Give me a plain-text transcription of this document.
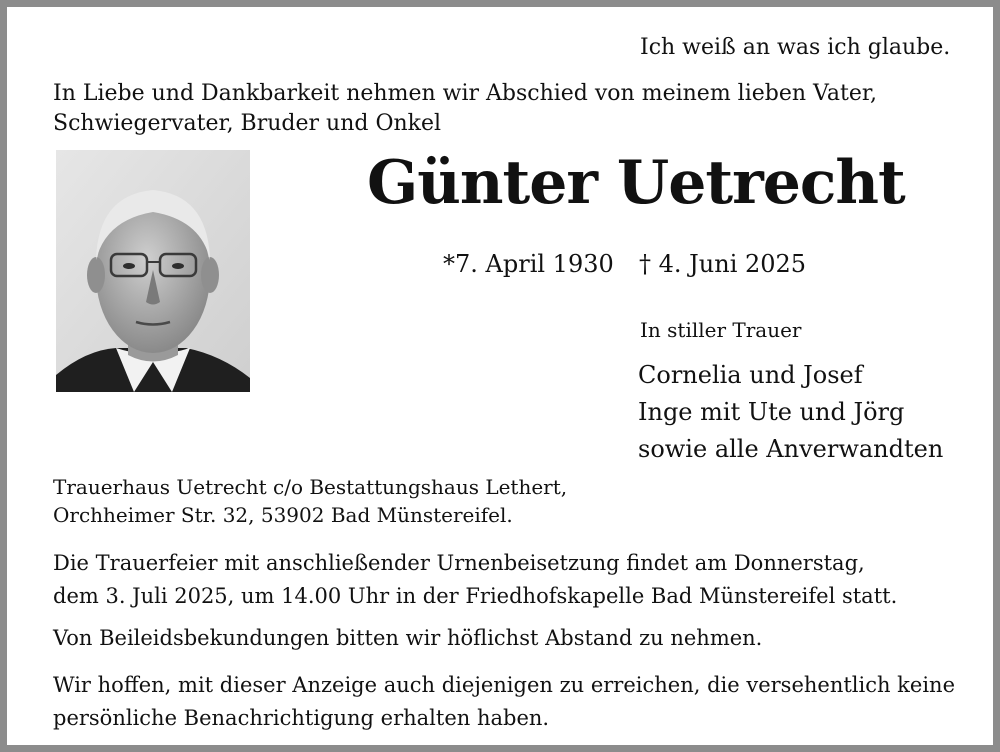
Ich weiß an was ich glaube.
In Liebe und Dankbarkeit nehmen wir Abschied von meinem lieben Vater,
Schwiegervater, Bruder und Onkel
Günter Uetrecht
*7. April 1930 † 4. Juni 2025
In stiller Trauer
Cornelia und Josef
Inge mit Ute und Jörg
sowie alle Anverwandten
Trauerhaus Uetrecht c/o Bestattungshaus Lethert,
Orchheimer Str. 32, 53902 Bad Münstereifel.
Die Trauerfeier mit anschließender Urnenbeisetzung findet am Donnerstag,
dem 3. Juli 2025, um 14.00 Uhr in der Friedhofskapelle Bad Münstereifel statt.
Von Beileidsbekundungen bitten wir höflichst Abstand zu nehmen.
Wir hoffen, mit dieser Anzeige auch diejenigen zu erreichen, die versehentlich keine
persönliche Benachrichtigung erhalten haben.
